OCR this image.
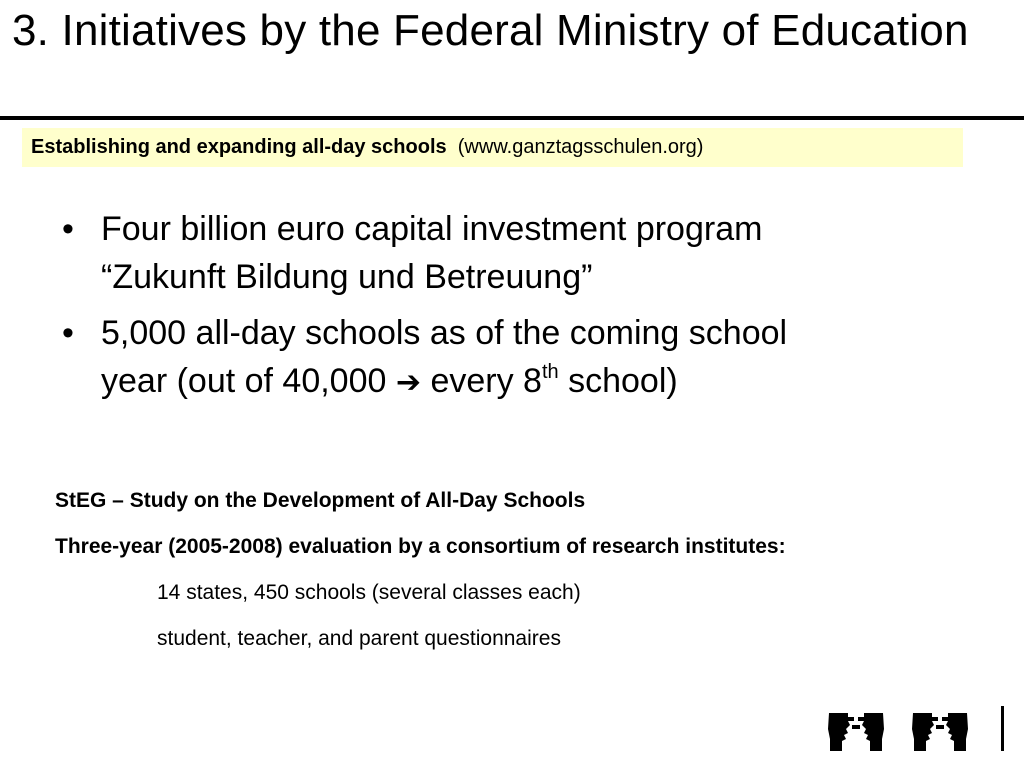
3. Initiatives by the Federal Ministry of Education
Establishing and expanding all-day schools (www.ganztagsschulen.org)
• Four billion euro capital investment program
“Zukunft Bildung und Betreuung”
• 5,000 all-day schools as of the coming school
year (out of 40,000 ➔ every 8th school)
StEG – Study on the Development of All-Day Schools
Three-year (2005-2008) evaluation by a consortium of research institutes:
14 states, 450 schools (several classes each)
student, teacher, and parent questionnaires
